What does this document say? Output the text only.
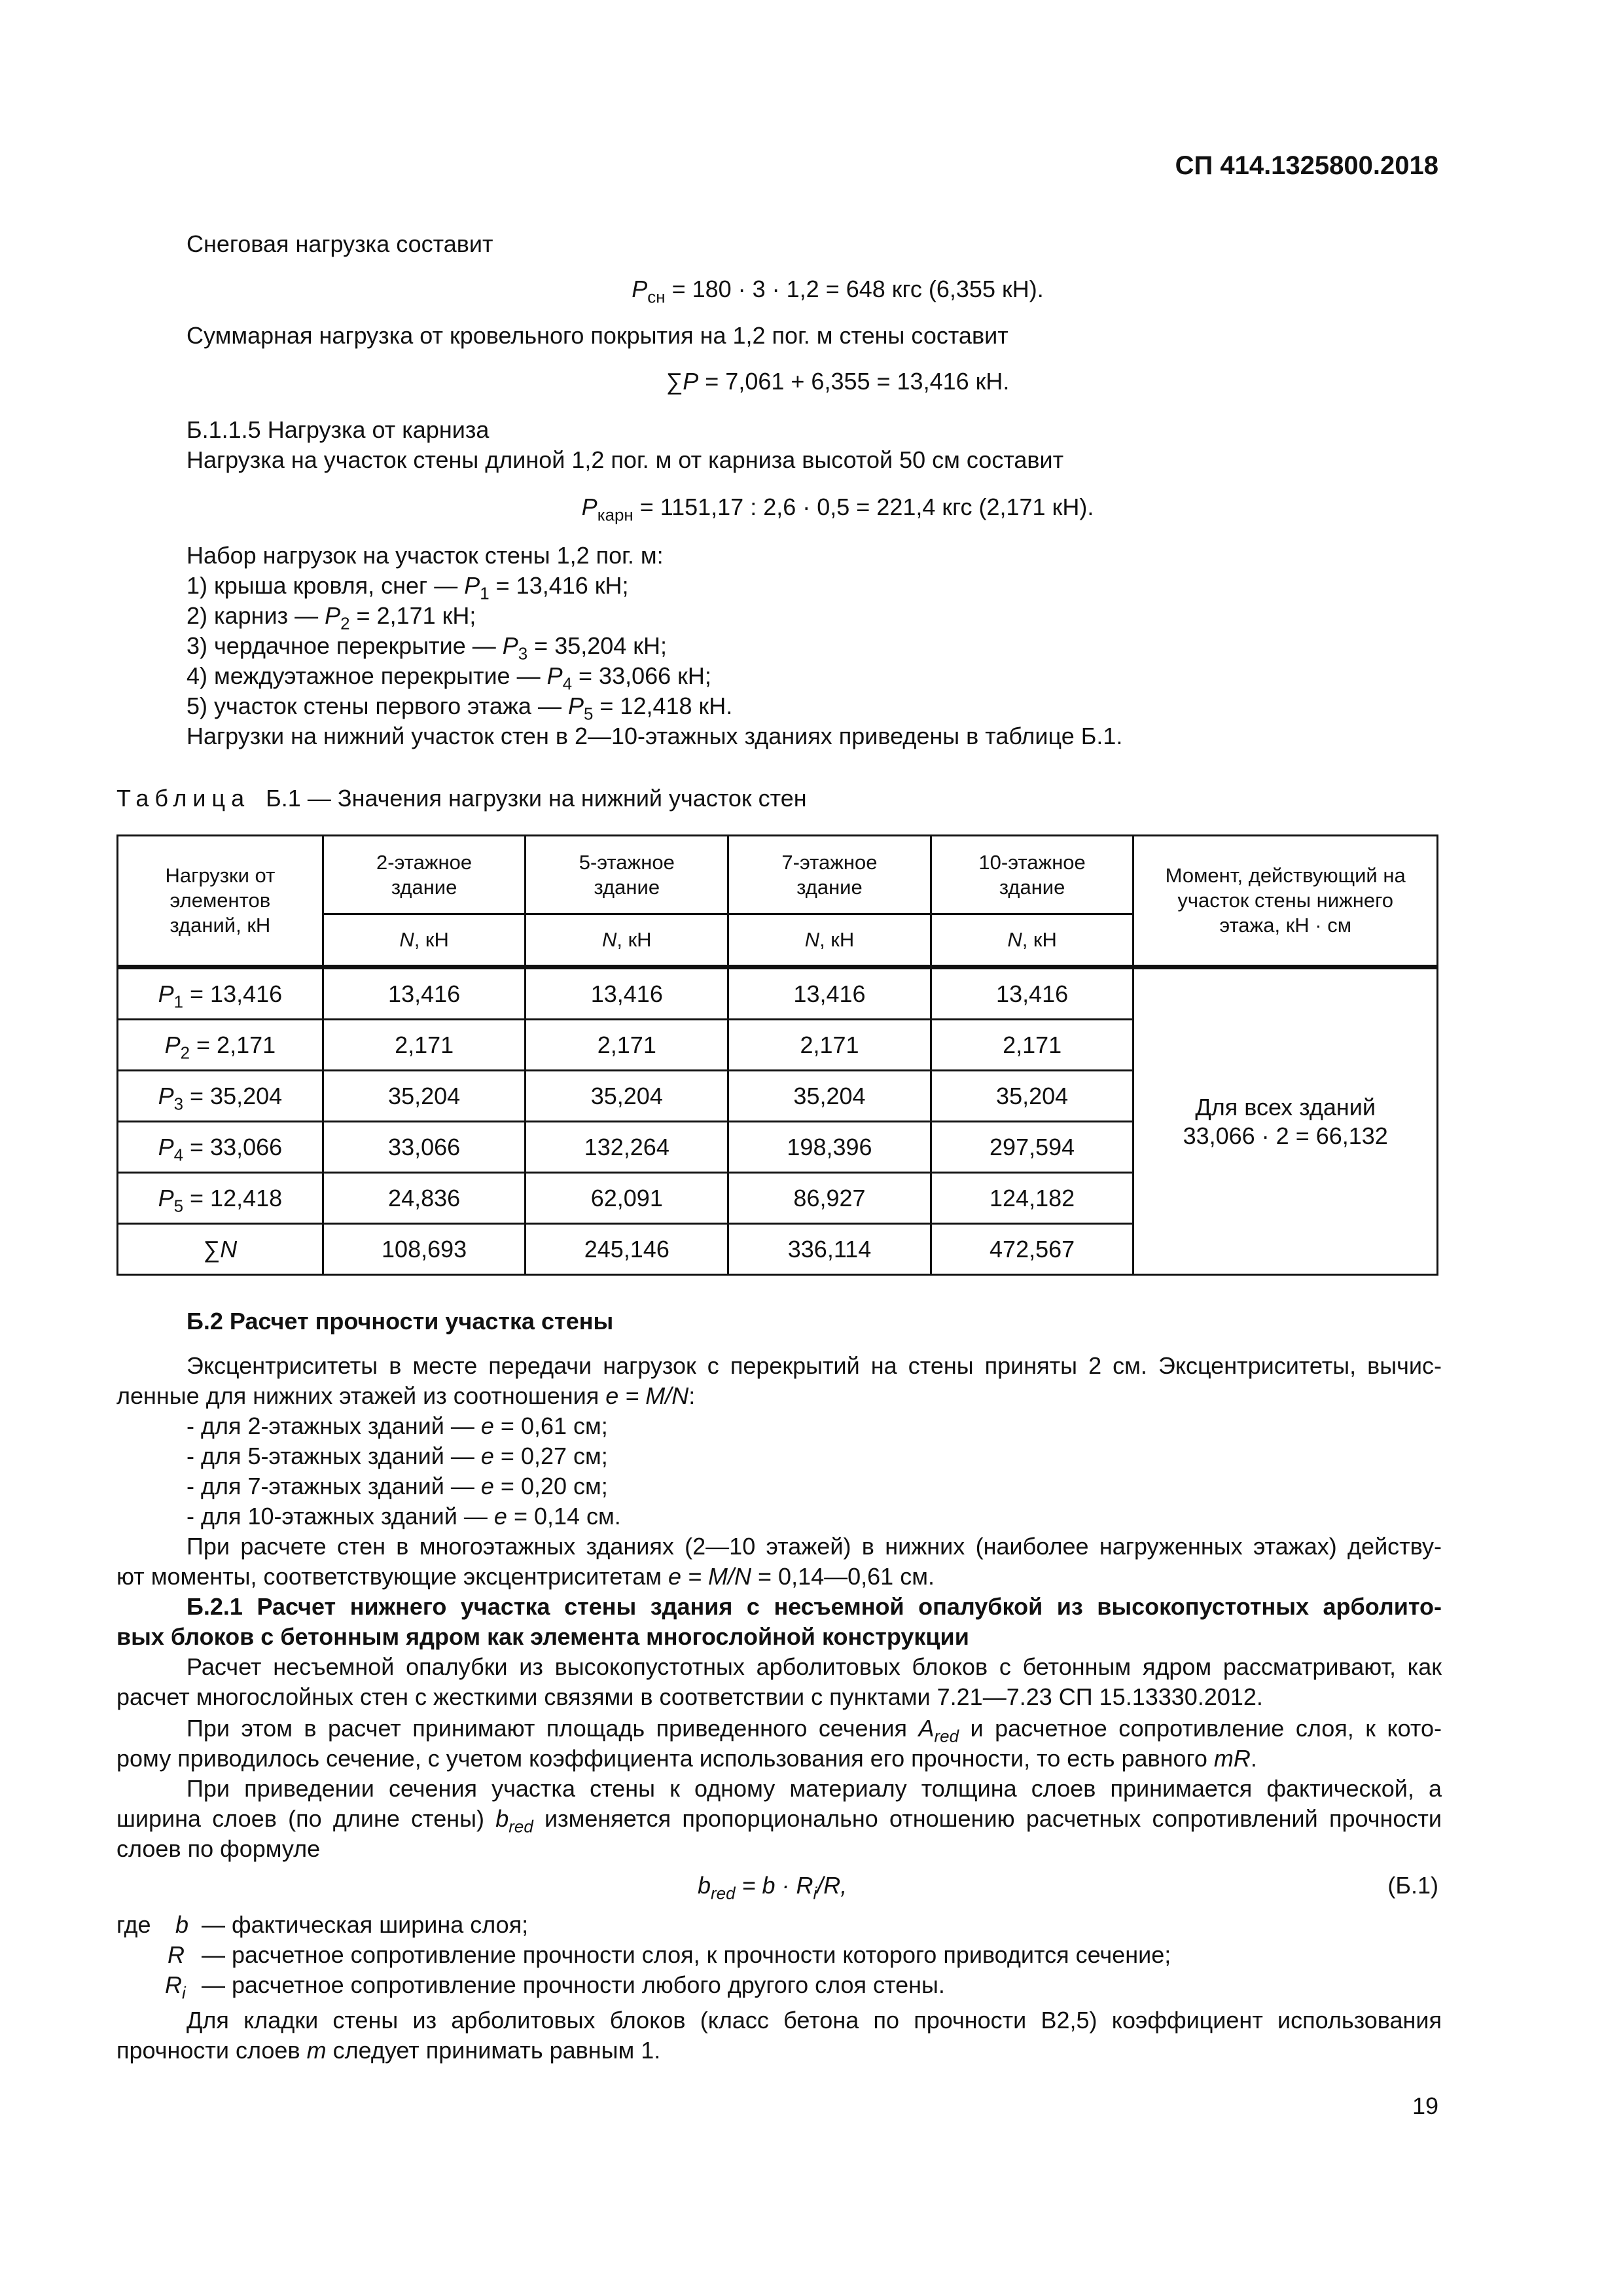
СП 414.1325800.2018
Снеговая нагрузка составит
$P_{сн} = 180 \cdot 3 \cdot 1,2 = 648$ кгс (6,355 кН).
Суммарная нагрузка от кровельного покрытия на 1,2 пог. м стены составит
∑P = 7,061 + 6,355 = 13,416 кН.
Б.1.1.5 Нагрузка от карниза
Нагрузка на участок стены длиной 1,2 пог. м от карниза высотой 50 см составит
$P_{карн} = 1151,17$ : 2,6 · 0,5 = 221,4 кгс (2,171 кН).
Набор нагрузок на участок стены 1,2 пог. м:
1) крыша кровля, снег — $P_1 = 13,416$ кН;
2) карниз — $P_2 = 2,171$ кН;
3) чердачное перекрытие — $P_3 = 35,204$ кН;
4) междуэтажное перекрытие — $P_4 = 33,066$ кН;
5) участок стены первого этажа — $P_5 = 12,418$ кН.
Нагрузки на нижний участок стен в 2—10-этажных зданиях приведены в таблице Б.1.
Таблица Б.1 — Значения нагрузки на нижний участок стен
Нагрузки от элементов зданий, кН	2-этажное здание	5-этажное здание	7-этажное здание	10-этажное здание	Момент, действующий на участок стены нижнего этажа, кН · см
	N, кН	N, кН	N, кН	N, кН	
$P_1 = 13,416$	13,416	13,416	13,416	13,416	Для всех зданий
33,066 · 2 = 66,132

$P_2 = 2,171$	2,171	2,171	2,171	2,171	
$P_3 = 35,204$	35,204	35,204	35,204	35,204	
$P_4 = 33,066$	33,066	132,264	198,396	297,594	
$P_5 = 12,418$	24,836	62,091	86,927	124,182	
∑N	108,693	245,146	336,114	472,567	
Б.2 Расчет прочности участка стены
Эксцентриситеты в месте передачи нагрузок с перекрытий на стены приняты 2 см. Эксцентриситеты, вычис-
ленные для нижних этажей из соотношения e = M/N:
- для 2-этажных зданий — e = 0,61 см;
- для 5-этажных зданий — e = 0,27 см;
- для 7-этажных зданий — e = 0,20 см;
- для 10-этажных зданий — e = 0,14 см.
При расчете стен в многоэтажных зданиях (2—10 этажей) в нижних (наиболее нагруженных этажах) действу-
ют моменты, соответствующие эксцентриситетам e = M/N = 0,14—0,61 см.
Б.2.1 Расчет нижнего участка стены здания с несъемной опалубкой из высокопустотных арболито-
вых блоков с бетонным ядром как элемента многослойной конструкции
Расчет несъемной опалубки из высокопустотных арболитовых блоков с бетонным ядром рассматривают, как
расчет многослойных стен с жесткими связями в соответствии с пунктами 7.21—7.23 СП 15.13330.2012.
При этом в расчет принимают площадь приведенного сечения $A_{red}$ и расчетное сопротивление слоя, к кото-
рому приводилось сечение, с учетом коэффициента использования его прочности, то есть равного mR.
При приведении сечения участка стены к одному материалу толщина слоев принимается фактической, а
ширина слоев (по длине стены) $b_{red}$ изменяется пропорционально отношению расчетных сопротивлений прочности
слоев по формуле
$b_{red} = b \cdot R_i/R$,	(Б.1)
где b — фактическая ширина слоя;
R — расчетное сопротивление прочности слоя, к прочности которого приводится сечение;
$R_i$ — расчетное сопротивление прочности любого другого слоя стены.
Для кладки стены из арболитовых блоков (класс бетона по прочности B2,5) коэффициент использования
прочности слоев m следует принимать равным 1.
19
